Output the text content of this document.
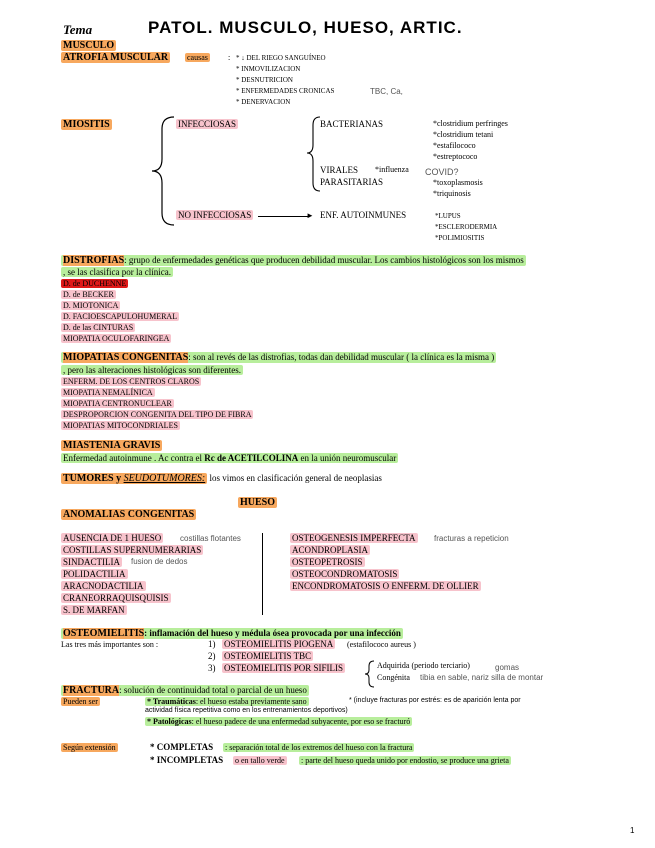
Tema	PATOL. MUSCULO, HUESO, ARTIC.
MUSCULO
ATROFIA MUSCULAR causas	: * ↓ DEL RIEGO SANGUÍNEO
* INMOVILIZACION
* DESNUTRICION
* ENFERMEDADES CRONICAS	TBC, Ca,
* DENERVACION
MIOSITIS	INFECCIOSAS	BACTERIANAS	*clostridium perfringes
*clostridium tetani
*estafilococo
*estreptococo
VIRALES *influenza COVID?
PARASITARIAS	*toxoplasmosis
*triquinosis
NO INFECCIOSAS	► ENF. AUTOINMUNES	*LUPUS
*ESCLERODERMIA
*POLIMIOSITIS
DISTROFIAS: grupo de enfermedades genéticas que producen debilidad muscular. Los cambios histológicos son los mismos
, se las clasifica por la clínica.
D. de DUCHENNE
D. de BECKER
D. MIOTONICA
D. FACIOESCAPULOHUMERAL
D. de las CINTURAS
MIOPATIA OCULOFARINGEA
MIOPATIAS CONGENITAS: son al revés de las distrofias, todas dan debilidad muscular ( la clínica es la misma )
, pero las alteraciones histológicas son diferentes.
ENFERM. DE LOS CENTROS CLAROS
MIOPATIA NEMALÍNICA
MIOPATIA CENTRONUCLEAR
DESPROPORCION CONGENITA DEL TIPO DE FIBRA
MIOPATIAS MITOCONDRIALES
MIASTENIA GRAVIS
Enfermedad autoinmune . Ac contra el Rc de ACETILCOLINA en la unión neuromuscular
TUMORES y SEUDOTUMORES: los vimos en clasificación general de neoplasias
HUESO
ANOMALIAS CONGENITAS
AUSENCIA DE 1 HUESO costillas flotantes
COSTILLAS SUPERNUMERARIAS
SINDACTILIA fusion de dedos
POLIDACTILIA
ARACNODACTILIA
CRANEORRAQUISQUISIS
S. DE MARFAN
OSTEOGENESIS IMPERFECTA fracturas a repeticion
ACONDROPLASIA
OSTEOPETROSIS
OSTEOCONDROMATOSIS
ENCONDROMATOSIS O ENFERM. DE OLLIER
OSTEOMIELITIS: inflamación del hueso y médula ósea provocada por una infección
Las tres más importantes son :	1) OSTEOMIELITIS PIOGENA (estafilococo aureus )
2) OSTEOMIELITIS TBC
3) OSTEOMIELITIS POR SIFILIS	Adquirida (periodo terciario)	gomas
Congénita tibia en sable, nariz silla de montar
FRACTURA: solución de continuidad total o parcial de un hueso
Pueden ser	* Traumáticas: el hueso estaba previamente sano	* (incluye fracturas por estrés: es de aparición lenta por
actividad física repetitiva como en los entrenamientos deportivos)
* Patológicas: el hueso padece de una enfermedad subyacente, por eso se fracturó
Según extensión	* COMPLETAS : separación total de los extremos del hueso con la fractura
* INCOMPLETAS o en tallo verde : parte del hueso queda unido por endostio, se produce una grieta
1
